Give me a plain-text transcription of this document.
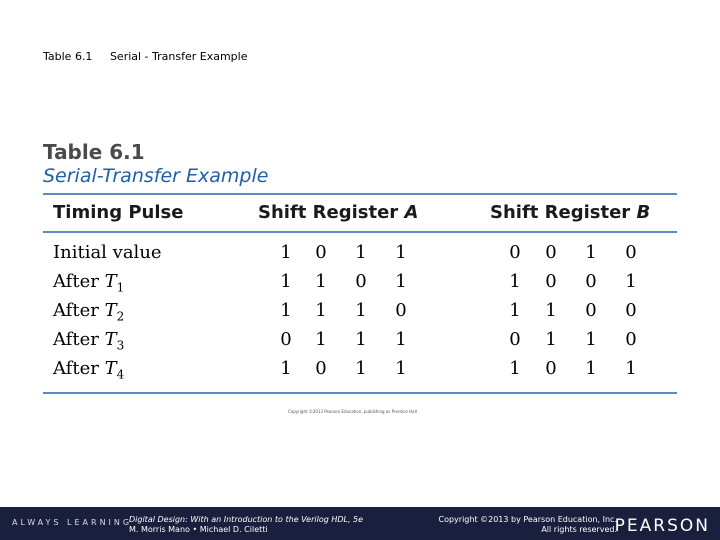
Table 6.1 Serial - Transfer Example
Table 6.1
Serial-Transfer Example
Timing Pulse	Shift Register A	Shift Register B
Initial value	1 0 1 1	0 0 1 0
After $T_1$	1 1 0 1	1 0 0 1
After $T_2$	1 1 1 0	1 1 0 0
After $T_3$	0 1 1 1	0 1 1 0
After $T_4$	1 0 1 1	1 0 1 1
Copyright ©2013 Pearson Education, publishing as Prentice Hall
ALWAYS LEARNING
Digital Design: With an Introduction to the Verilog HDL, 5e
M. Morris Mano • Michael D. Ciletti
Copyright ©2013 by Pearson Education, Inc.
All rights reserved.
PEARSON
